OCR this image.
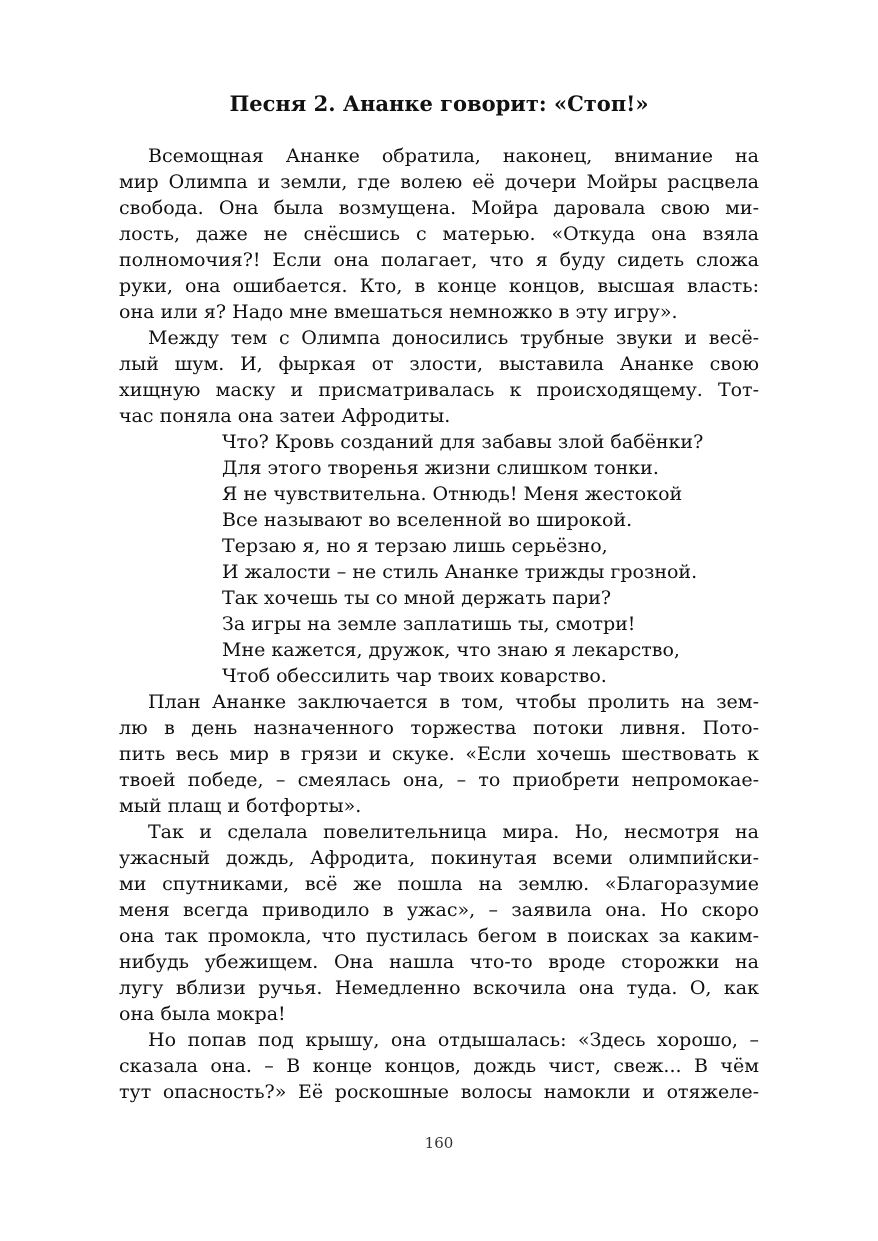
Песня 2. Ананке говорит: «Стоп!»
Всемощная Ананке обратила, наконец, внимание на
мир Олимпа и земли, где волею её дочери Мойры расцвела
свобода. Она была возмущена. Мойра даровала свою ми-
лость, даже не снёсшись с матерью. «Откуда она взяла
полномочия?! Если она полагает, что я буду сидеть сложа
руки, она ошибается. Кто, в конце концов, высшая власть:
она или я? Надо мне вмешаться немножко в эту игру».
Между тем с Олимпа доносились трубные звуки и весё-
лый шум. И, фыркая от злости, выставила Ананке свою
хищную маску и присматривалась к происходящему. Тот-
час поняла она затеи Афродиты.
Что? Кровь созданий для забавы злой бабёнки?
Для этого творенья жизни слишком тонки.
Я не чувствительна. Отнюдь! Меня жестокой
Все называют во вселенной во широкой.
Терзаю я, но я терзаю лишь серьёзно,
И жалости – не стиль Ананке трижды грозной.
Так хочешь ты со мной держать пари?
За игры на земле заплатишь ты, смотри!
Мне кажется, дружок, что знаю я лекарство,
Чтоб обессилить чар твоих коварство.
План Ананке заключается в том, чтобы пролить на зем-
лю в день назначенного торжества потоки ливня. Пото-
пить весь мир в грязи и скуке. «Если хочешь шествовать к
твоей победе, – смеялась она, – то приобрети непромокае-
мый плащ и ботфорты».
Так и сделала повелительница мира. Но, несмотря на
ужасный дождь, Афродита, покинутая всеми олимпийски-
ми спутниками, всё же пошла на землю. «Благоразумие
меня всегда приводило в ужас», – заявила она. Но скоро
она так промокла, что пустилась бегом в поисках за каким-
нибудь убежищем. Она нашла что-то вроде сторожки на
лугу вблизи ручья. Немедленно вскочила она туда. О, как
она была мокра!
Но попав под крышу, она отдышалась: «Здесь хорошо, –
сказала она. – В конце концов, дождь чист, свеж... В чём
тут опасность?» Её роскошные волосы намокли и отяжеле-
160
